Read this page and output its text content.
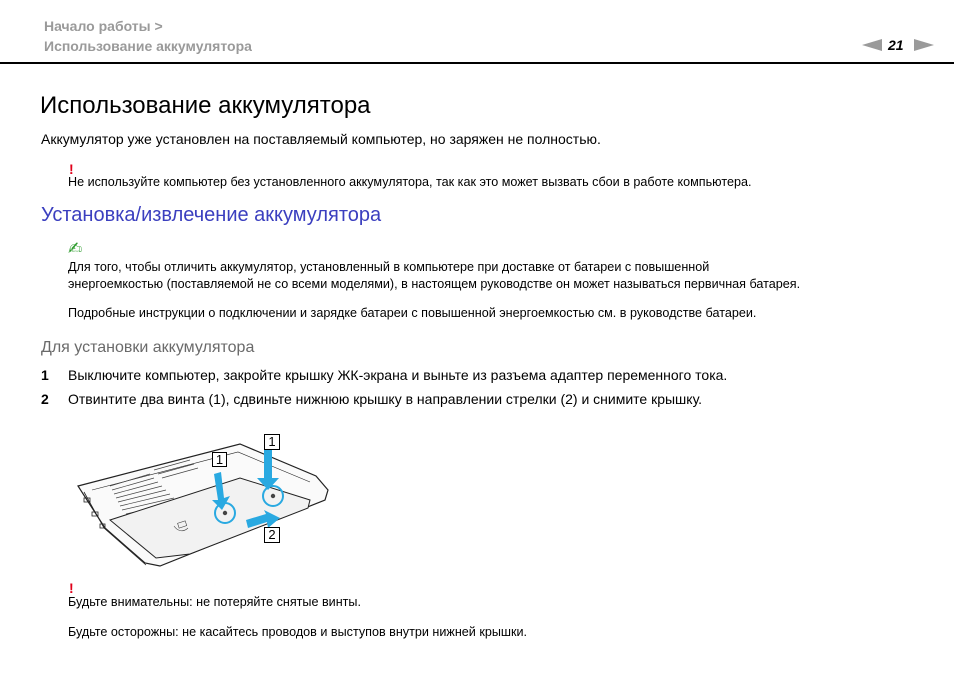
Начало работы >
Использование аккумулятора	21
Использование аккумулятора
Аккумулятор уже установлен на поставляемый компьютер, но заряжен не полностью.
!
Не используйте компьютер без установленного аккумулятора, так как это может вызвать сбои в работе компьютера.
Установка/извлечение аккумулятора
✍
Для того, чтобы отличить аккумулятор, установленный в компьютере при доставке от батареи с повышенной
энергоемкостью (поставляемой не со всеми моделями), в настоящем руководстве он может называться первичная батарея.
Подробные инструкции о подключении и зарядке батареи с повышенной энергоемкостью см. в руководстве батареи.
Для установки аккумулятора
1 Выключите компьютер, закройте крышку ЖК-экрана и выньте из разъема адаптер переменного тока.
2 Отвинтите два винта (1), сдвиньте нижнюю крышку в направлении стрелки (2) и снимите крышку.
1
1
2
!
Будьте внимательны: не потеряйте снятые винты.
Будьте осторожны: не касайтесь проводов и выступов внутри нижней крышки.
